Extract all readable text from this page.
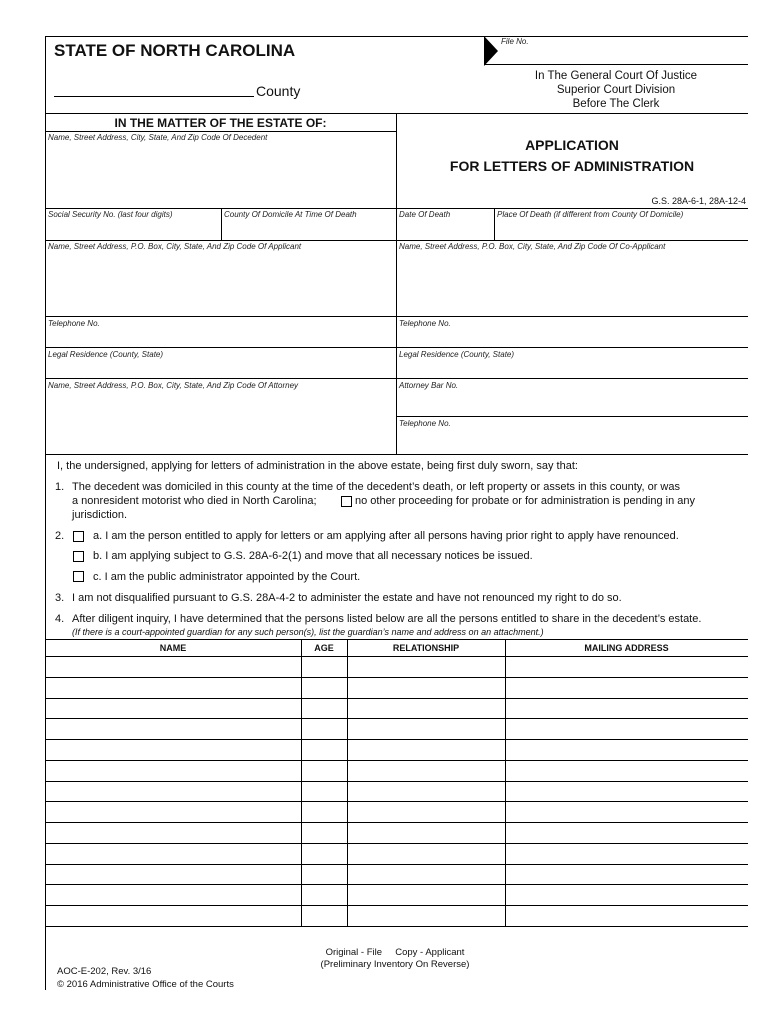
STATE OF NORTH CAROLINA
County
File No.
In The General Court Of Justice
Superior Court Division
Before The Clerk
IN THE MATTER OF THE ESTATE OF:
Name, Street Address, City, State, And Zip Code Of Decedent	APPLICATION
FOR LETTERS OF ADMINISTRATION
G.S. 28A-6-1, 28A-12-4
Social Security No. (last four digits)	County Of Domicile At Time Of Death	Date Of Death	Place Of Death (if different from County Of Domicile)
Name, Street Address, P.O. Box, City, State, And Zip Code Of Applicant	Name, Street Address, P.O. Box, City, State, And Zip Code Of Co-Applicant
Telephone No.	Telephone No.
Legal Residence (County, State)	Legal Residence (County, State)
Name, Street Address, P.O. Box, City, State, And Zip Code Of Attorney	Attorney Bar No.
Telephone No.
I, the undersigned, applying for letters of administration in the above estate, being first duly sworn, say that:
1. The decedent was domiciled in this county at the time of the decedent’s death, or left property or assets in this county, or was
a nonresident motorist who died in North Carolina;	no other proceeding for probate or for administration is pending in any
jurisdiction.
2.	a. I am the person entitled to apply for letters or am applying after all persons having prior right to apply have renounced.
b. I am applying subject to G.S. 28A-6-2(1) and move that all necessary notices be issued.
c. I am the public administrator appointed by the Court.
3. I am not disqualified pursuant to G.S. 28A-4-2 to administer the estate and have not renounced my right to do so.
4. After diligent inquiry, I have determined that the persons listed below are all the persons entitled to share in the decedent’s estate.
(If there is a court-appointed guardian for any such person(s), list the guardian’s name and address on an attachment.)
NAME	AGE	RELATIONSHIP	MAILING ADDRESS
Original - File     Copy - Applicant
(Preliminary Inventory On Reverse)
AOC-E-202, Rev. 3/16
© 2016 Administrative Office of the Courts
